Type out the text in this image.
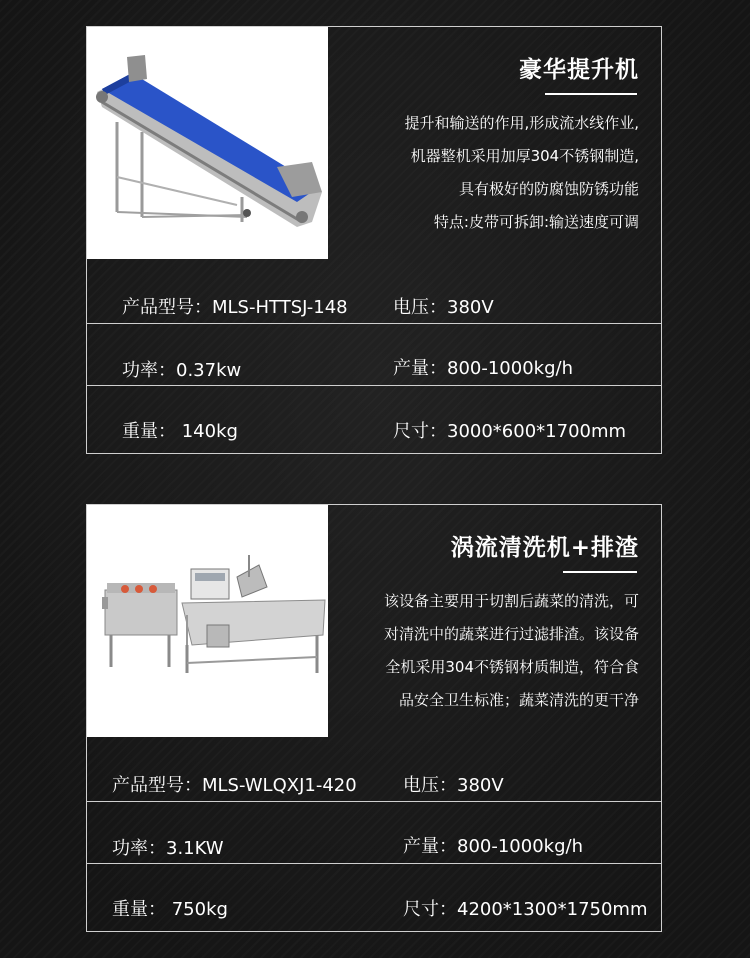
豪华提升机
提升和输送的作用,形成流水线作业,
机器整机采用加厚304不锈钢制造,
具有极好的防腐蚀防锈功能
特点:皮带可拆卸:输送速度可调
产品型号：MLS-HTTSJ-148	电压：380V
功率：0.37kw	产量：800-1000kg/h
重量： 140kg	尺寸：3000*600*1700mm
涡流清洗机+排渣
该设备主要用于切割后蔬菜的清洗，可
对清洗中的蔬菜进行过滤排渣。该设备
全机采用304不锈钢材质制造，符合食
品安全卫生标准；蔬菜清洗的更干净
产品型号：MLS-WLQXJ1-420	电压：380V
功率：3.1KW	产量：800-1000kg/h
重量： 750kg	尺寸：4200*1300*1750mm
